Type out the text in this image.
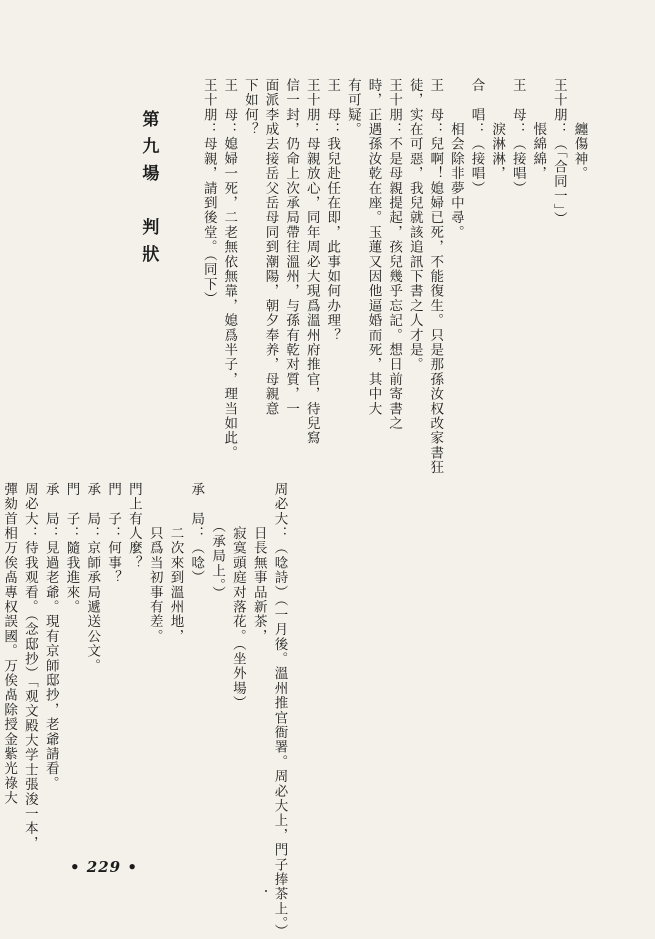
　　　纏傷神。
王十朋：（「合同一」）
　　　悵綿綿，
王　母：（接唱）
　　　淚淋淋，
合　唱：（接唱）
　　　相会除非夢中尋。
王　母：兒啊！媳婦已死，不能復生。只是那孫汝权改家書狂
徒，实在可惡，我兒就該追訊下書之人才是。
王十朋：不是母親提起，孩兒幾乎忘記。想日前寄書之
時，正遇孫汝乾在座。玉蓮又因他逼婚而死，其中大
有可疑。
王　母：我兒赴任在即，此事如何办理？
王十朋：母親放心，同年周必大現爲溫州府推官，待兒寫
信一封，仍命上次承局帶往溫州，与孫有乾对質，一
面派李成去接岳父岳母同到潮陽，朝夕奉养，母親意
下如何？
王　母：媳婦一死，二老無依無靠，媳爲半子，理当如此。
王十朋：母親，請到後堂。（同下）
第九場　判狀
周必大：（唸詩）（一月後。溫州推官衙署。周必大上，門子捧茶上。）
　　　日長無事品新茶，
　　　寂寞頭庭对落花。（坐外場）
　　　（承局上。）
承　局：（唸）
　　　二次來到溫州地，
　　　只爲当初事有差。
門上有人麼？
門　子：何事？
承　局：京師承局遞送公文。
門　子：隨我進來。
承　局：見過老爺。現有京師邸抄，老爺請看。
周必大：待我观看。（念邸抄）「观文殿大学士張浚一本，
彈劾首相万俟卨專权誤國。万俟卨除授金紫光祿大
• 229 •
